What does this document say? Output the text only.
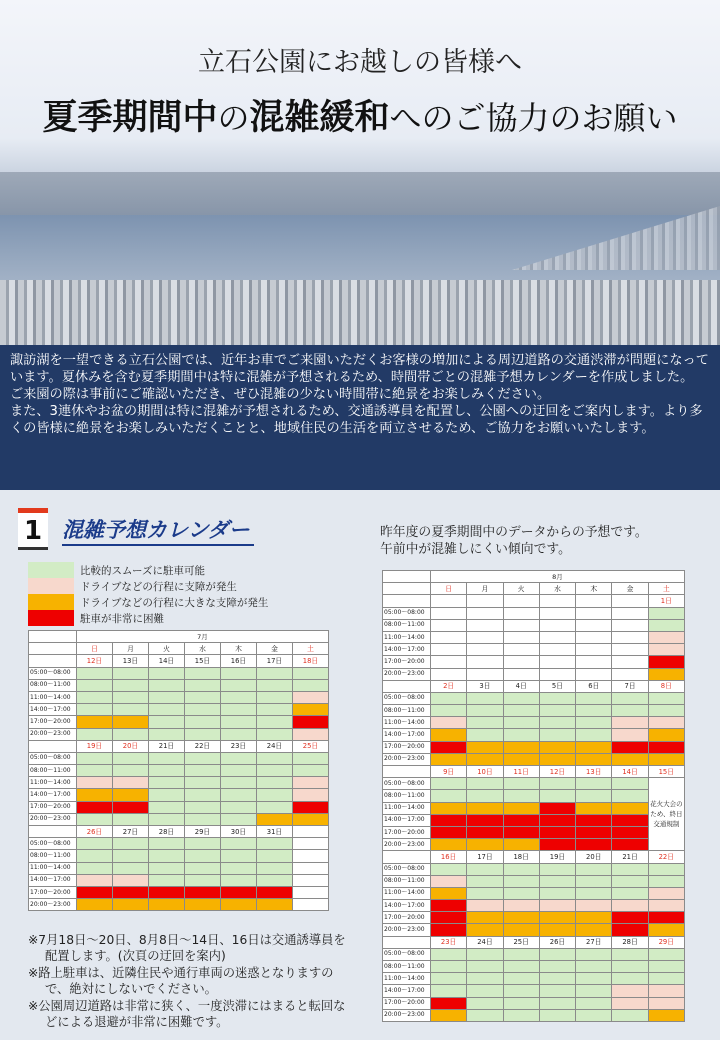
立石公園にお越しの皆様へ
夏季期間中の混雑緩和へのご協力のお願い

諏訪湖を一望できる立石公園では、近年お車でご来園いただくお客様の増加による周辺道路の交通渋滞が問題になっています。夏休みを含む夏季期間中は特に混雑が予想されるため、時間帯ごとの混雑予想カレンダーを作成しました。

ご来園の際は事前にご確認いただき、ぜひ混雑の少ない時間帯に絶景をお楽しみください。

また、3連休やお盆の期間は特に混雑が予想されるため、交通誘導員を配置し、公園への迂回をご案内します。より多くの皆様に絶景をお楽しみいただくことと、地域住民の生活を両立させるため、ご協力をお願いいたします。

1 混雑予想カレンダー	昨年度の夏季期間中のデータからの予想です。
午前中が混雑しにくい傾向です。
比較的スムーズに駐車可能
ドライブなどの行程に支障が発生
ドライブなどの行程に大きな支障が発生
駐車が非常に困難
	7月						
	日	月	火	水	木	金	土
	12日	13日	14日	15日	16日	17日	18日
05:00～08:00							
08:00～11:00							
11:00～14:00							
14:00～17:00							
17:00～20:00							
20:00～23:00							
	19日	20日	21日	22日	23日	24日	25日
05:00～08:00							
08:00～11:00							
11:00～14:00							
14:00～17:00							
17:00～20:00							
20:00～23:00							
	26日	27日	28日	29日	30日	31日	
05:00～08:00							
08:00～11:00							
11:00～14:00							
14:00～17:00							
17:00～20:00							
20:00～23:00							
	8月						
	日	月	火	水	木	金	土
							1日
05:00～08:00							
08:00～11:00							
11:00～14:00							
14:00～17:00							
17:00～20:00							
20:00～23:00							
	2日	3日	4日	5日	6日	7日	8日
05:00～08:00							
08:00～11:00							
11:00～14:00							
14:00～17:00							
17:00～20:00							
20:00～23:00							
	9日	10日	11日	12日	13日	14日	15日
05:00～08:00							花火大会のため、終日交通規制
08:00～11:00							
11:00～14:00							
14:00～17:00							
17:00～20:00							
20:00～23:00							
	16日	17日	18日	19日	20日	21日	22日
05:00～08:00							
08:00～11:00							
11:00～14:00							
14:00～17:00							
17:00～20:00							
20:00～23:00							
	23日	24日	25日	26日	27日	28日	29日
05:00～08:00							
08:00～11:00							
11:00～14:00							
14:00～17:00							
17:00～20:00							
20:00～23:00							
※7月18日～20日、8月8日～14日、16日は交通誘導員を配置します。(次頁の迂回を案内)
※路上駐車は、近隣住民や通行車両の迷惑となりますので、絶対にしないでください。
※公園周辺道路は非常に狭く、一度渋滞にはまると転回などによる退避が非常に困難です。
